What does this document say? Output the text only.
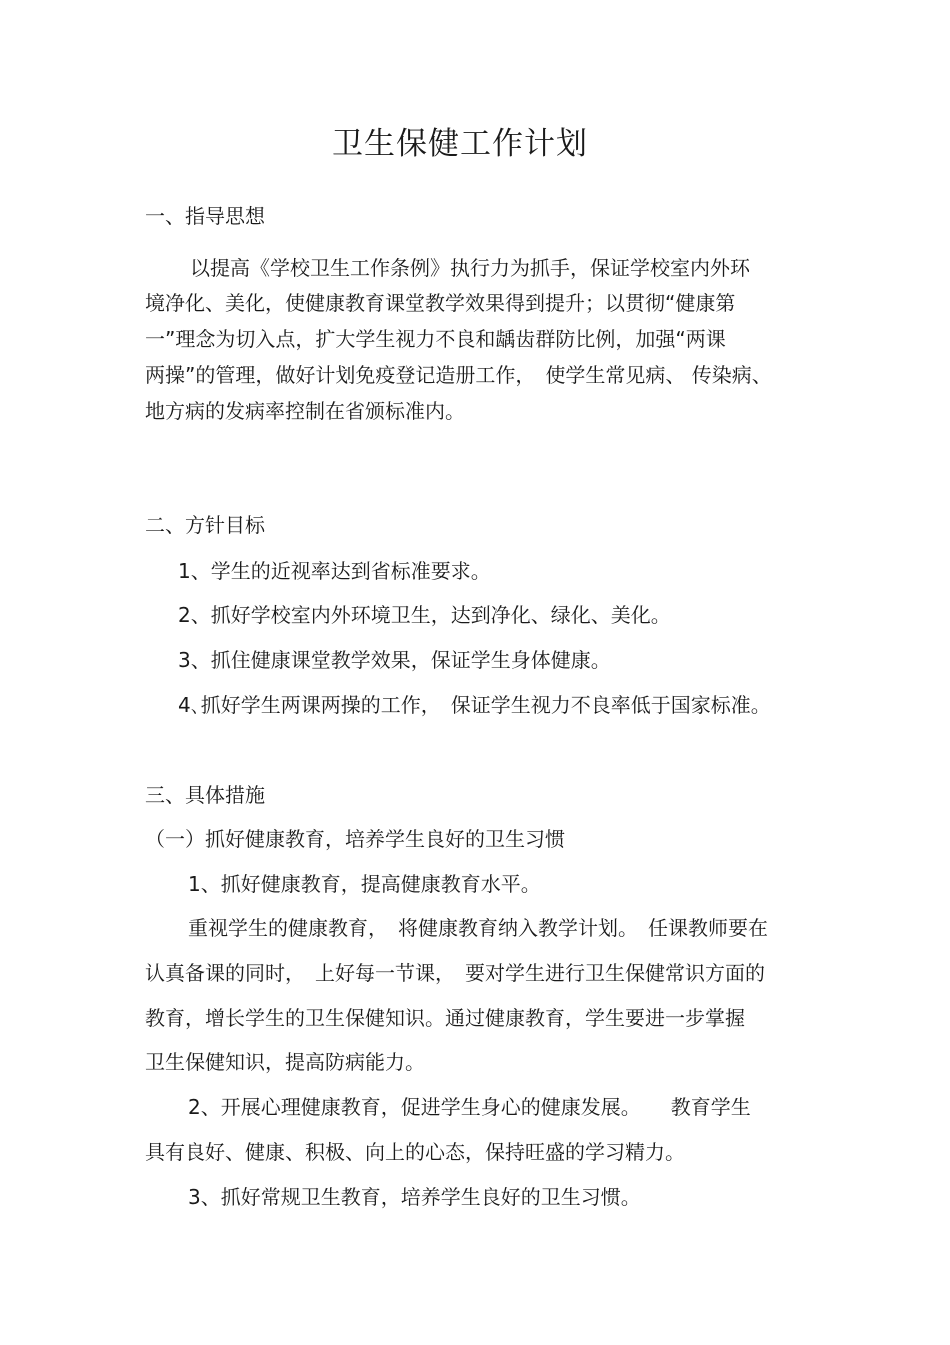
卫生保健工作计划
一、指导思想
以提高《学校卫生工作条例》执行力为抓手，保证学校室内外环
境净化、美化，使健康教育课堂教学效果得到提升；以贯彻“健康第
一”理念为切入点，扩大学生视力不良和龋齿群防比例，加强“两课
两操”的管理，做好计划免疫登记造册工作，　使学生常见病、 传染病、
地方病的发病率控制在省颁标准内。
二、方针目标
1、学生的近视率达到省标准要求。
2、抓好学校室内外环境卫生，达到净化、绿化、美化。
3、抓住健康课堂教学效果，保证学生身体健康。
4､抓好学生两课两操的工作，　保证学生视力不良率低于国家标准。
三、具体措施
（一）抓好健康教育，培养学生良好的卫生习惯
1、抓好健康教育，提高健康教育水平。
重视学生的健康教育，　将健康教育纳入教学计划。　任课教师要在
认真备课的同时，　上好每一节课，　要对学生进行卫生保健常识方面的
教育，增长学生的卫生保健知识。通过健康教育，学生要进一步掌握
卫生保健知识，提高防病能力。
2、开展心理健康教育，促进学生身心的健康发展。　　教育学生
具有良好、健康、积极、向上的心态，保持旺盛的学习精力。
3、抓好常规卫生教育，培养学生良好的卫生习惯。
